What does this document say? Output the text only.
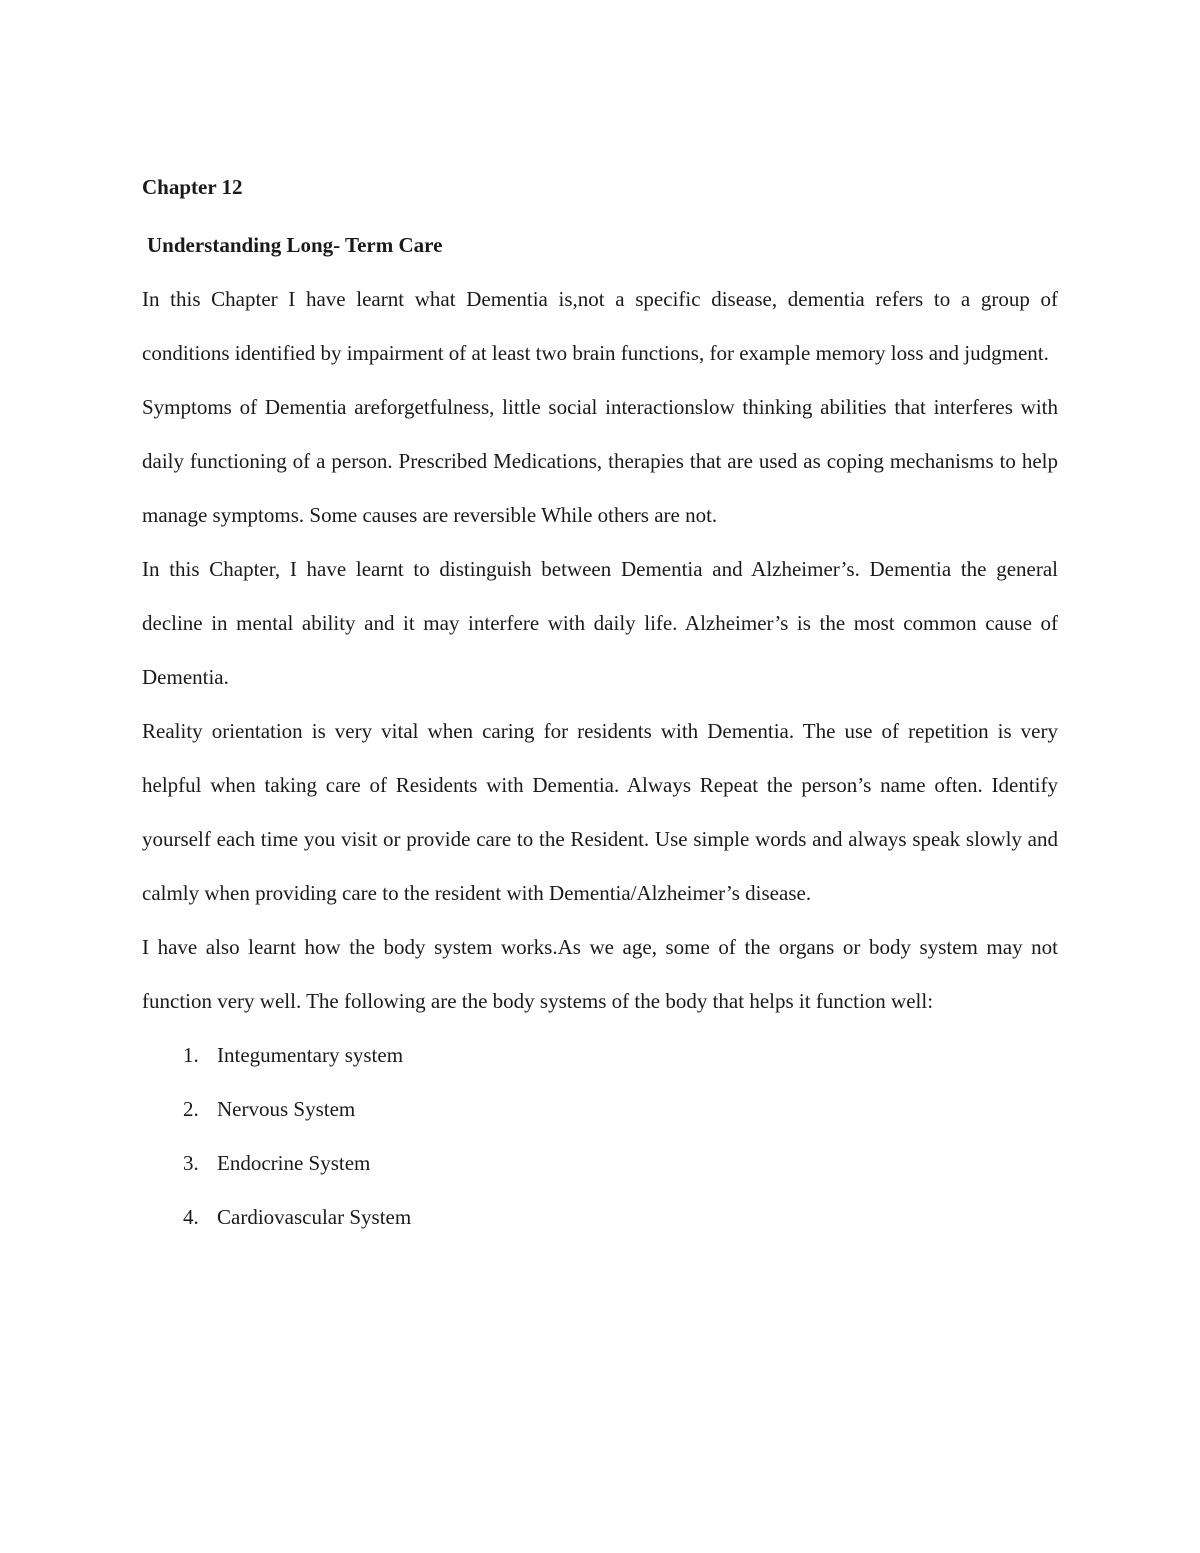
Chapter 12
Understanding Long- Term Care

In this Chapter I have learnt what Dementia is,not a specific disease, dementia refers to a group of conditions identified by impairment of at least two brain functions, for example memory loss and judgment.

Symptoms of Dementia areforgetfulness, little social interactionslow thinking abilities that interferes with daily functioning of a person. Prescribed Medications, therapies that are used as coping mechanisms to help manage symptoms. Some causes are reversible While others are not.

In this Chapter, I have learnt to distinguish between Dementia and Alzheimer’s. Dementia the general decline in mental ability and it may interfere with daily life. Alzheimer’s is the most common cause of Dementia.

Reality orientation is very vital when caring for residents with Dementia. The use of repetition is very helpful when taking care of Residents with Dementia. Always Repeat the person’s name often. Identify yourself each time you visit or provide care to the Resident. Use simple words and always speak slowly and calmly when providing care to the resident with Dementia/Alzheimer’s disease.

I have also learnt how the body system works.As we age, some of the organs or body system may not function very well. The following are the body systems of the body that helps it function well:

1. Integumentary system
2. Nervous System
3. Endocrine System
4. Cardiovascular System
